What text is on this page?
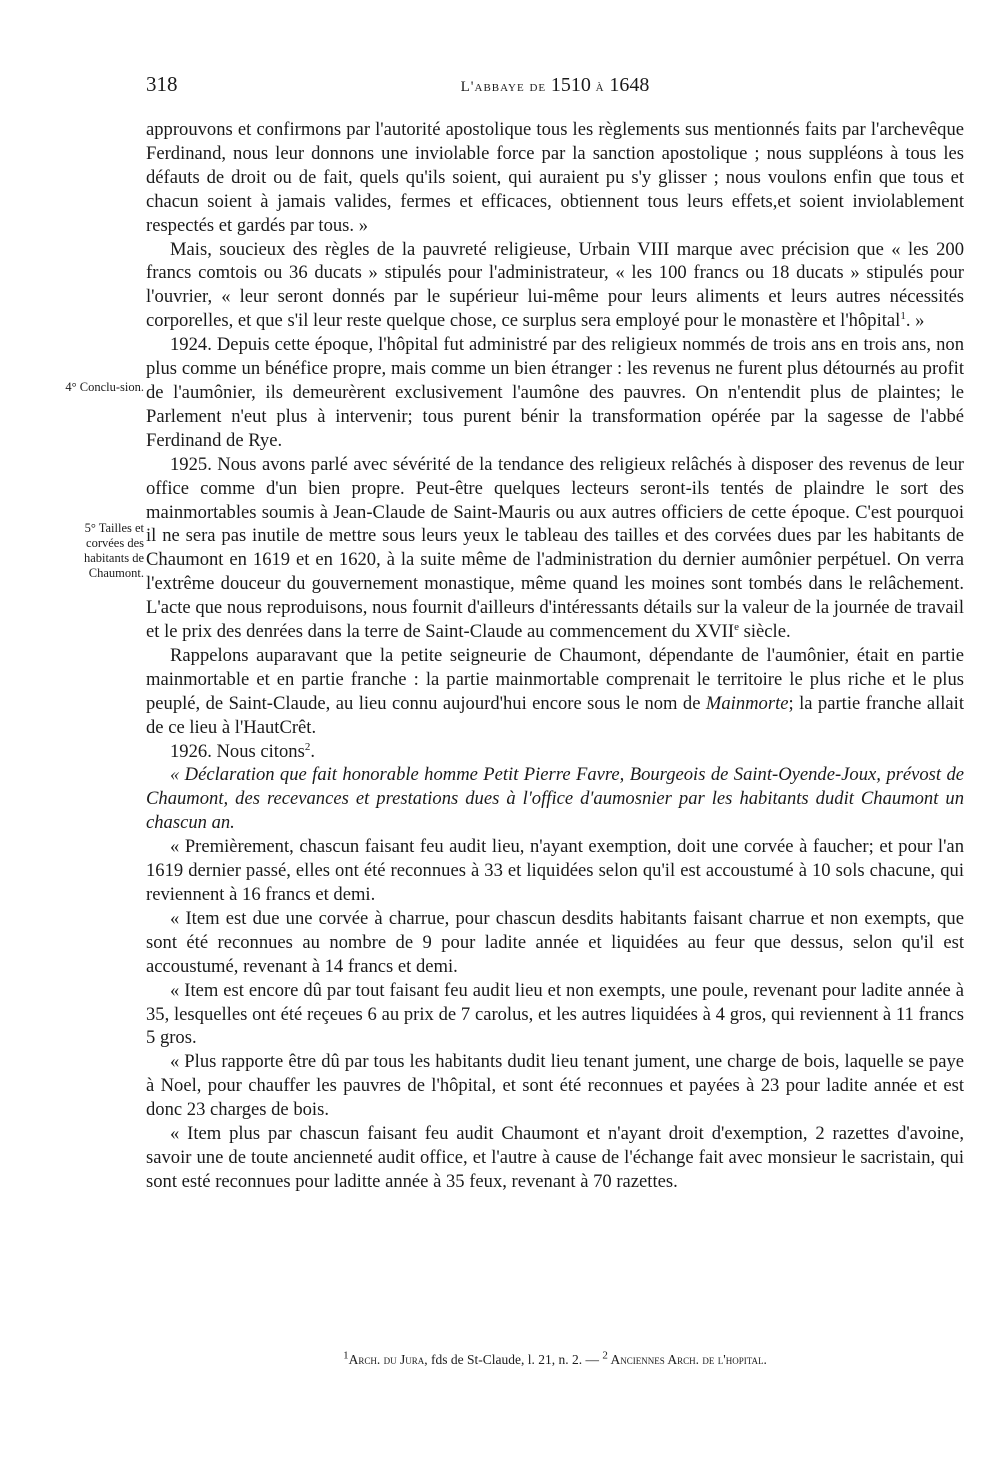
318	L'abbaye de 1510 à 1648
4° Conclu-sion.
5° Tailles et corvées des habitants de Chaumont.

approuvons et confirmons par l'autorité apostolique tous les règlements sus mentionnés faits par l'archevêque Ferdinand, nous leur donnons une inviolable force par la sanction apostolique ; nous suppléons à tous les défauts de droit ou de fait, quels qu'ils soient, qui auraient pu s'y glisser ; nous voulons enfin que tous et chacun soient à jamais valides, fermes et efficaces, obtiennent tous leurs effets,et soient inviolablement respectés et gardés par tous. »

Mais, soucieux des règles de la pauvreté religieuse, Urbain VIII marque avec précision que « les 200 francs comtois ou 36 ducats » stipulés pour l'administrateur, « les 100 francs ou 18 ducats » stipulés pour l'ouvrier, « leur seront donnés par le supérieur lui-même pour leurs aliments et leurs autres nécessités corporelles, et que s'il leur reste quelque chose, ce surplus sera employé pour le monastère et l'hôpital$^1$. »

1924. Depuis cette époque, l'hôpital fut administré par des religieux nommés de trois ans en trois ans, non plus comme un bénéfice propre, mais comme un bien étranger : les revenus ne furent plus détournés au profit de l'aumônier, ils demeurèrent exclusivement l'aumône des pauvres. On n'entendit plus de plaintes; le Parlement n'eut plus à intervenir; tous purent bénir la transformation opérée par la sagesse de l'abbé Ferdinand de Rye.

1925. Nous avons parlé avec sévérité de la tendance des religieux relâchés à disposer des revenus de leur office comme d'un bien propre. Peut-être quelques lecteurs seront-ils tentés de plaindre le sort des mainmortables soumis à Jean-Claude de Saint-Mauris ou aux autres officiers de cette époque. C'est pourquoi il ne sera pas inutile de mettre sous leurs yeux le tableau des tailles et des corvées dues par les habitants de Chaumont en 1619 et en 1620, à la suite même de l'administration du dernier aumônier perpétuel. On verra l'extrême douceur du gouvernement monastique, même quand les moines sont tombés dans le relâchement. L'acte que nous reproduisons, nous fournit d'ailleurs d'intéressants détails sur la valeur de la journée de travail et le prix des denrées dans la terre de Saint-Claude au commencement du XVIIe siècle.

Rappelons auparavant que la petite seigneurie de Chaumont, dépendante de l'aumônier, était en partie mainmortable et en partie franche : la partie mainmortable comprenait le territoire le plus riche et le plus peuplé, de Saint-Claude, au lieu connu aujourd'hui encore sous le nom de Mainmorte; la partie franche allait de ce lieu à l'HautCrêt.

1926. Nous citons$^2$.

« Déclaration que fait honorable homme Petit Pierre Favre, Bourgeois de Saint-Oyende-Joux, prévost de Chaumont, des recevances et prestations dues à l'office d'aumosnier par les habitants dudit Chaumont un chascun an.

« Premièrement, chascun faisant feu audit lieu, n'ayant exemption, doit une corvée à faucher; et pour l'an 1619 dernier passé, elles ont été reconnues à 33 et liquidées selon qu'il est accoustumé à 10 sols chacune, qui reviennent à 16 francs et demi.

« Item est due une corvée à charrue, pour chascun desdits habitants faisant charrue et non exempts, que sont été reconnues au nombre de 9 pour ladite année et liquidées au feur que dessus, selon qu'il est accoustumé, revenant à 14 francs et demi.

« Item est encore dû par tout faisant feu audit lieu et non exempts, une poule, revenant pour ladite année à 35, lesquelles ont été reçeues 6 au prix de 7 carolus, et les autres liquidées à 4 gros, qui reviennent à 11 francs 5 gros.

« Plus rapporte être dû par tous les habitants dudit lieu tenant jument, une charge de bois, laquelle se paye à Noel, pour chauffer les pauvres de l'hôpital, et sont été reconnues et payées à 23 pour ladite année et est donc 23 charges de bois.

« Item plus par chascun faisant feu audit Chaumont et n'ayant droit d'exemption, 2 razettes d'avoine, savoir une de toute ancienneté audit office, et l'autre à cause de l'échange fait avec monsieur le sacristain, qui sont esté reconnues pour laditte année à 35 feux, revenant à 70 razettes.

$^1$Arch. du Jura, fds de St-Claude, l. 21, n. 2. — $^2$ Anciennes Arch. de l'hopital.
